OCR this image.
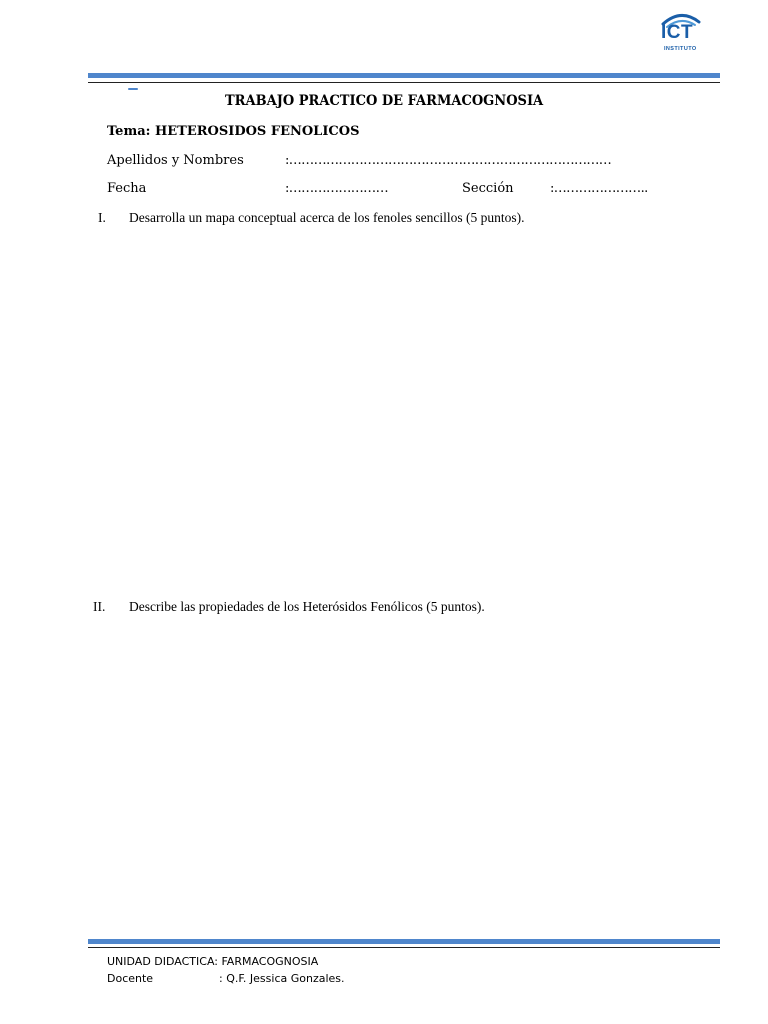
ICT
INSTITUTO
TRABAJO PRACTICO DE FARMACOGNOSIA
Tema: HETEROSIDOS FENOLICOS
Apellidos y Nombres	:……………………………………………………………………
Fecha	:……………………	Sección	:…………………..
I. Desarrolla un mapa conceptual acerca de los fenoles sencillos (5 puntos).
II. Describe las propiedades de los Heterósidos Fenólicos (5 puntos).
UNIDAD DIDACTICA: FARMACOGNOSIA
Docente	: Q.F. Jessica Gonzales.
